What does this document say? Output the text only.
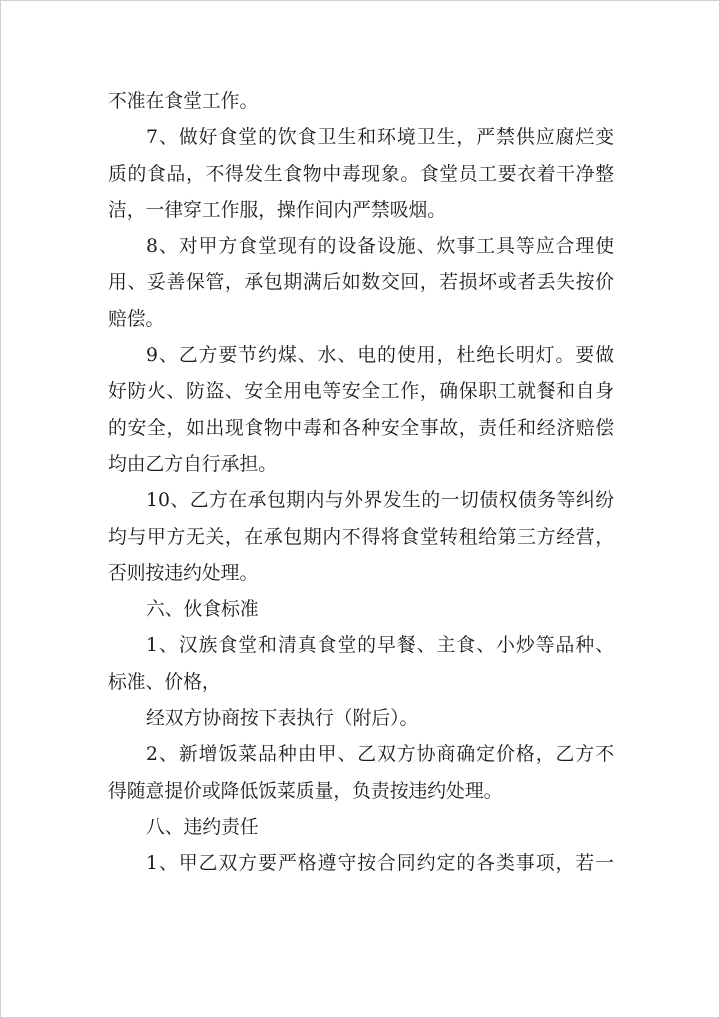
不准在食堂工作。
7、做好食堂的饮食卫生和环境卫生，严禁供应腐烂变
质的食品，不得发生食物中毒现象。食堂员工要衣着干净整
洁，一律穿工作服，操作间内严禁吸烟。
8、对甲方食堂现有的设备设施、炊事工具等应合理使
用、妥善保管，承包期满后如数交回，若损坏或者丢失按价
赔偿。
9、乙方要节约煤、水、电的使用，杜绝长明灯。要做
好防火、防盗、安全用电等安全工作，确保职工就餐和自身
的安全，如出现食物中毒和各种安全事故，责任和经济赔偿
均由乙方自行承担。
10、乙方在承包期内与外界发生的一切债权债务等纠纷
均与甲方无关，在承包期内不得将食堂转租给第三方经营，
否则按违约处理。
六、伙食标准
1、汉族食堂和清真食堂的早餐、主食、小炒等品种、
标准、价格，
经双方协商按下表执行（附后）。
2、新增饭菜品种由甲、乙双方协商确定价格，乙方不
得随意提价或降低饭菜质量，负责按违约处理。
八、违约责任
1、甲乙双方要严格遵守按合同约定的各类事项，若一
